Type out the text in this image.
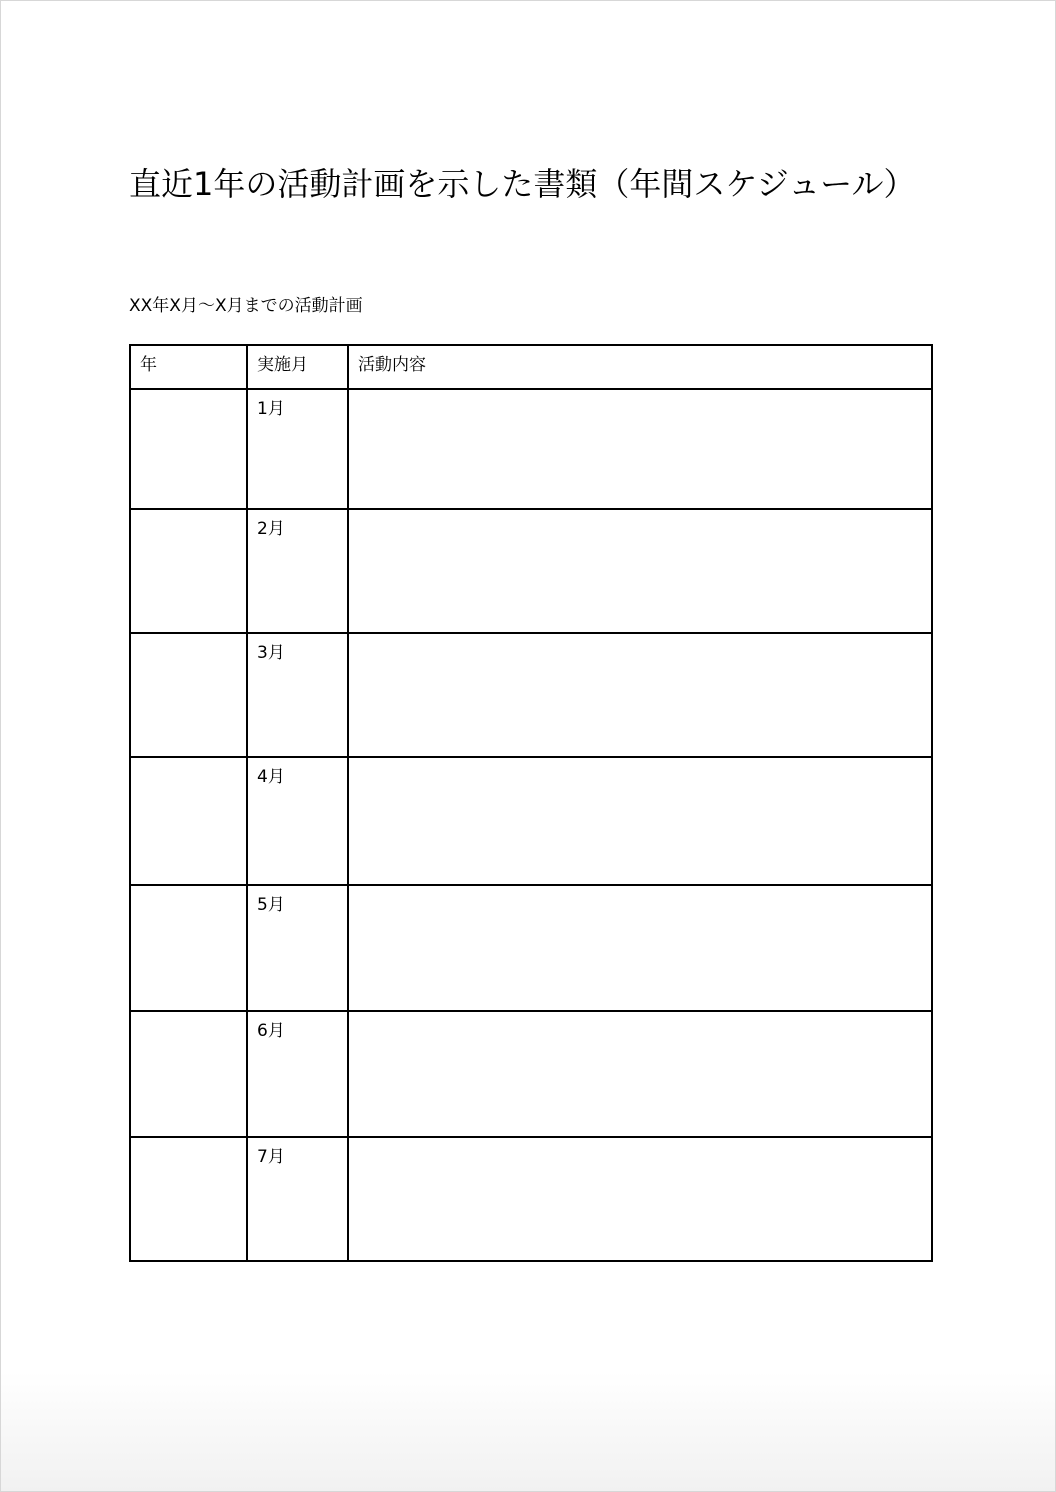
直近1年の活動計画を示した書類（年間スケジュール）

XX年X月〜X月までの活動計画

年	実施月	活動内容
	1月	
	2月	
	3月	
	4月	
	5月	
	6月	
	7月	
